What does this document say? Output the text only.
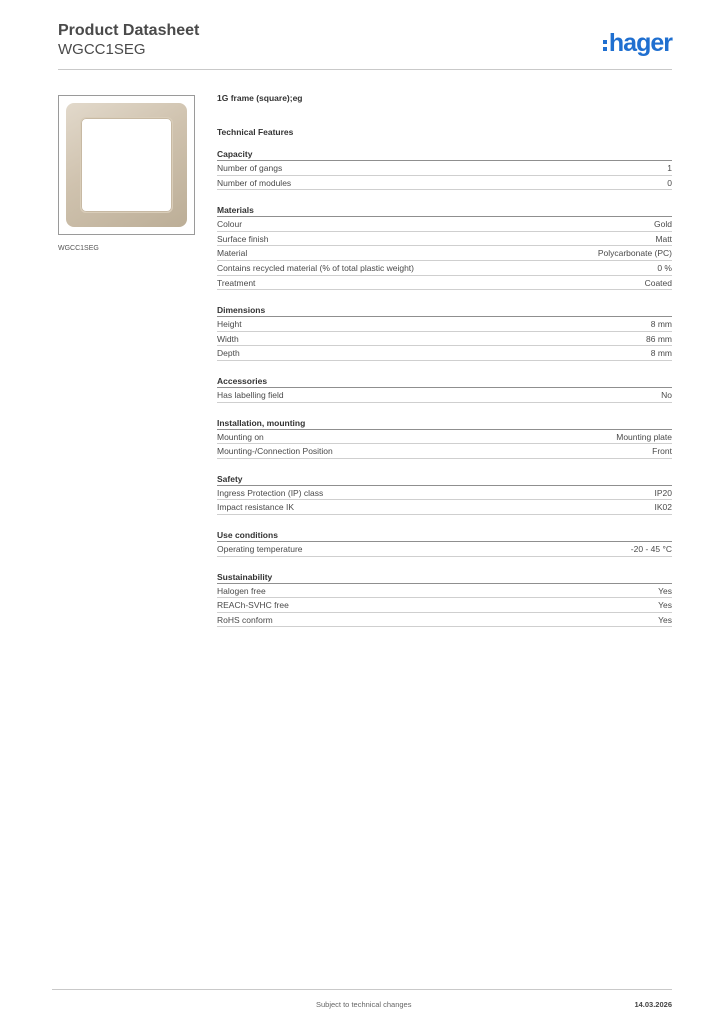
Product Datasheet
WGCC1SEG	hager
WGCC1SEG
1G frame (square);eg
Technical Features
Capacity
Number of gangs	1
Number of modules	0
Materials
Colour	Gold
Surface finish	Matt
Material	Polycarbonate (PC)
Contains recycled material (% of total plastic weight)	0 %
Treatment	Coated
Dimensions
Height	8 mm
Width	86 mm
Depth	8 mm
Accessories
Has labelling field	No
Installation, mounting
Mounting on	Mounting plate
Mounting-/Connection Position	Front
Safety
Ingress Protection (IP) class	IP20
Impact resistance IK	IK02
Use conditions
Operating temperature	-20 - 45 °C
Sustainability
Halogen free	Yes
REACh-SVHC free	Yes
RoHS conform	Yes
Subject to technical changes	14.03.2026
